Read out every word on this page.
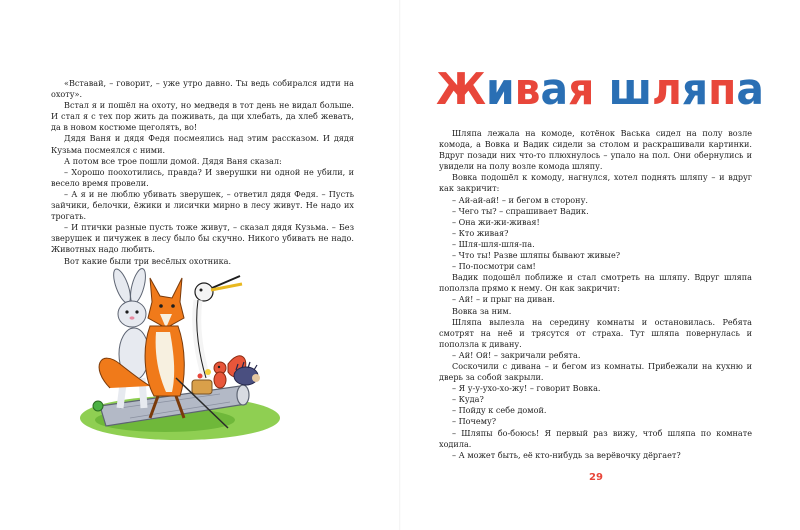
«Вставай, – говорит, – уже утро давно. Ты ведь собирался идти на охоту».

Встал я и пошёл на охоту, но медведя в тот день не видал больше. И стал я с тех пор жить да поживать, да щи хлебать, да хлеб жевать, да в новом костюме щеголять, во!

Дядя Ваня и дядя Федя посмеялись над этим рассказом. И дядя Кузьма посмеялся с ними.

А потом все трое пошли домой. Дядя Ваня сказал:

– Хорошо поохотились, правда? И зверушки ни одной не убили, и весело время провели.

– А я и не люблю убивать зверушек, – ответил дядя Федя. – Пусть зайчики, белочки, ёжики и лисички мирно в лесу живут. Не надо их трогать.

– И птички разные пусть тоже живут, – сказал дядя Кузьма. – Без зверушек и пичужек в лесу было бы скучно. Никого убивать не надо. Животных надо любить.

Вот какие были три весёлых охотника.

Живая шляпа

Шляпа лежала на комоде, котёнок Васька сидел на полу возле комода, а Вовка и Вадик сидели за столом и раскрашивали картинки. Вдруг позади них что-то плюхнулось – упало на пол. Они обернулись и увидели на полу возле комода шляпу.

Вовка подошёл к комоду, нагнулся, хотел поднять шляпу – и вдруг как закричит:

– Ай-ай-ай! – и бегом в сторону.

– Чего ты? – спрашивает Вадик.

– Она жи-жи-живая!

– Кто живая?

– Шля-шля-шля-па.

– Что ты! Разве шляпы бывают живые?

– По-посмотри сам!

Вадик подошёл поближе и стал смотреть на шляпу. Вдруг шляпа поползла прямо к нему. Он как закричит:

– Ай! – и прыг на диван.

Вовка за ним.

Шляпа вылезла на середину комнаты и остановилась. Ребята смотрят на неё и трясутся от страха. Тут шляпа повернулась и поползла к дивану.

– Ай! Ой! – закричали ребята.

Соскочили с дивана – и бегом из комнаты. Прибежали на кухню и дверь за собой закрыли.

– Я у-у-ухо-хо-жу! – говорит Вовка.

– Куда?

– Пойду к себе домой.

– Почему?

– Шляпы бо-боюсь! Я первый раз вижу, чтоб шляпа по комнате ходила.

– А может быть, её кто-нибудь за верёвочку дёргает?

29
